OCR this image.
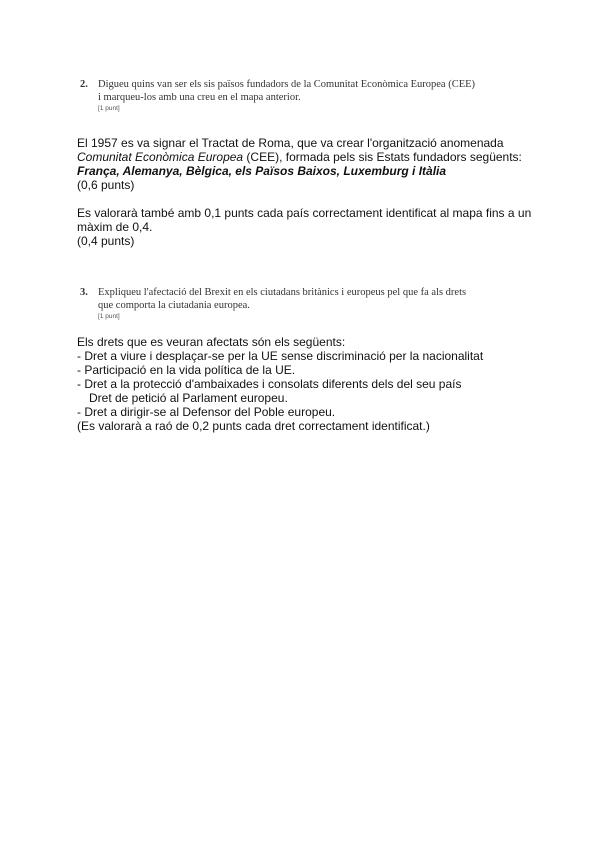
2. Digueu quins van ser els sis països fundadors de la Comunitat Econòmica Europea (CEE)
i marqueu-los amb una creu en el mapa anterior.
[1 punt]

El 1957 es va signar el Tractat de Roma, que va crear l'organització anomenada

Comunitat Econòmica Europea (CEE), formada pels sis Estats fundadors següents:

França, Alemanya, Bèlgica, els Països Baixos, Luxemburg i Itàlia

(0,6 punts)

Es valorarà també amb 0,1 punts cada país correctament identificat al mapa fins a un

màxim de 0,4.

(0,4 punts)

3. Expliqueu l'afectació del Brexit en els ciutadans britànics i europeus pel que fa als drets
que comporta la ciutadania europea.
[1 punt]

Els drets que es veuran afectats són els següents:

- Dret a viure i desplaçar-se per la UE sense discriminació per la nacionalitat

- Participació en la vida política de la UE.

- Dret a la protecció d'ambaixades i consolats diferents dels del seu país

Dret de petició al Parlament europeu.

- Dret a dirigir-se al Defensor del Poble europeu.

(Es valorarà a raó de 0,2 punts cada dret correctament identificat.)
